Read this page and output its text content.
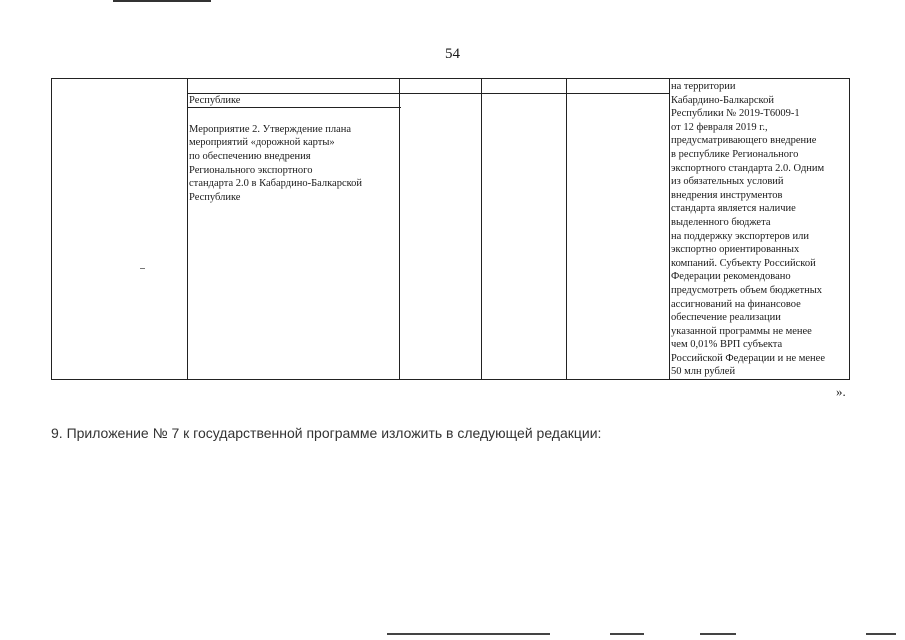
54

Республике

Мероприятие 2. Утверждение плана
мероприятий «дорожной карты»
по обеспечению внедрения
Регионального экспортного
стандарта 2.0 в Кабардино-Балкарской
Республике

на территории
Кабардино-Балкарской
Республики № 2019-Т6009-1
от 12 февраля 2019 г.,
предусматривающего внедрение
в республике Регионального
экспортного стандарта 2.0. Одним
из обязательных условий
внедрения инструментов
стандарта является наличие
выделенного бюджета
на поддержку экспортеров или
экспортно ориентированных
компаний. Субъекту Российской
Федерации рекомендовано
предусмотреть объем бюджетных
ассигнований на финансовое
обеспечение реализации
указанной программы не менее
чем 0,01% ВРП субъекта
Российской Федерации и не менее
50 млн рублей
».
9. Приложение № 7 к государственной программе изложить в следующей редакции:
